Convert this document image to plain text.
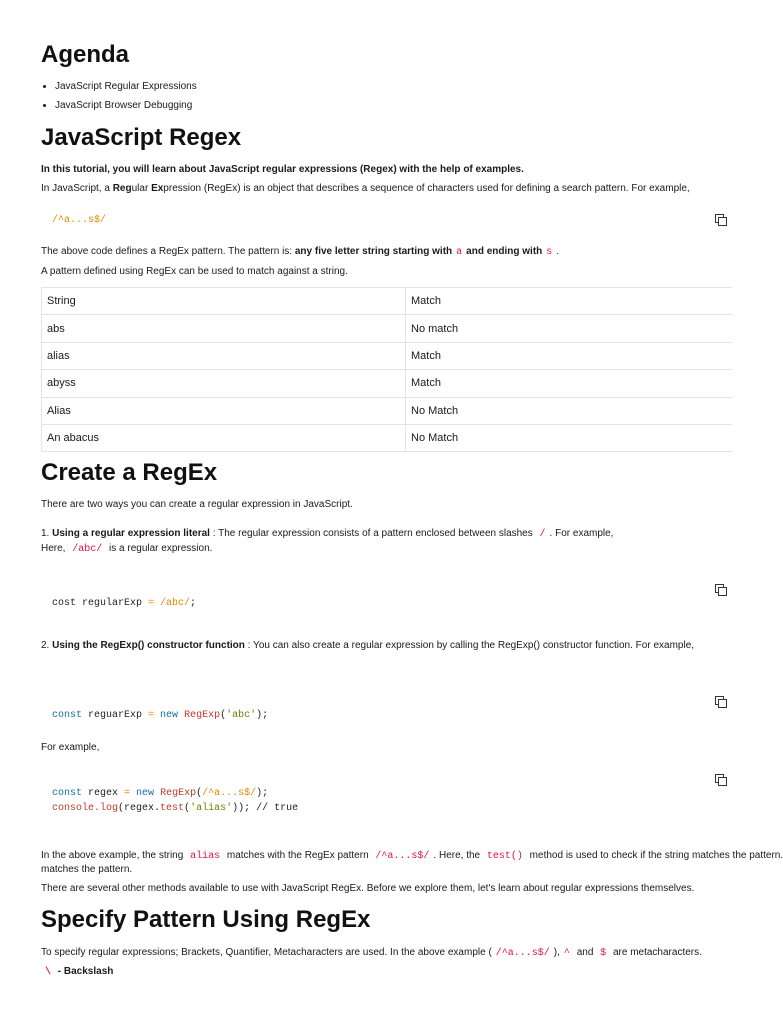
Agenda
• JavaScript Regular Expressions
• JavaScript Browser Debugging
JavaScript Regex

In this tutorial, you will learn about JavaScript regular expressions (Regex) with the help of examples.

In JavaScript, a Regular Expression (RegEx) is an object that describes a sequence of characters used for defining a search pattern. For example,

/^a...s$/

The above code defines a RegEx pattern. The pattern is: any five letter string starting with a and ending with s .

A pattern defined using RegEx can be used to match against a string.

String	Match
abs	No match
alias	Match
abyss	Match
Alias	No Match
An abacus	No Match
Create a RegEx

There are two ways you can create a regular expression in JavaScript.

1. Using a regular expression literal : The regular expression consists of a pattern enclosed between slashes / . For example,

Here, /abc/ is a regular expression.

cost regularExp = /abc/;

2. Using the RegExp() constructor function : You can also create a regular expression by calling the RegExp() constructor function. For example,

const reguarExp = new RegExp('abc');

For example,

const regex = new RegExp(/^a...s$/);
console.log(regex.test('alias')); // true

In the above example, the string alias matches with the RegEx pattern /^a...s$/ . Here, the test() method is used to check if the string matches the pattern.

matches the pattern.

There are several other methods available to use with JavaScript RegEx. Before we explore them, let's learn about regular expressions themselves.

Specify Pattern Using RegEx

To specify regular expressions; Brackets, Quantifier, Metacharacters are used. In the above example ( /^a...s$/ ), ^ and $ are metacharacters.

\ - Backslash
